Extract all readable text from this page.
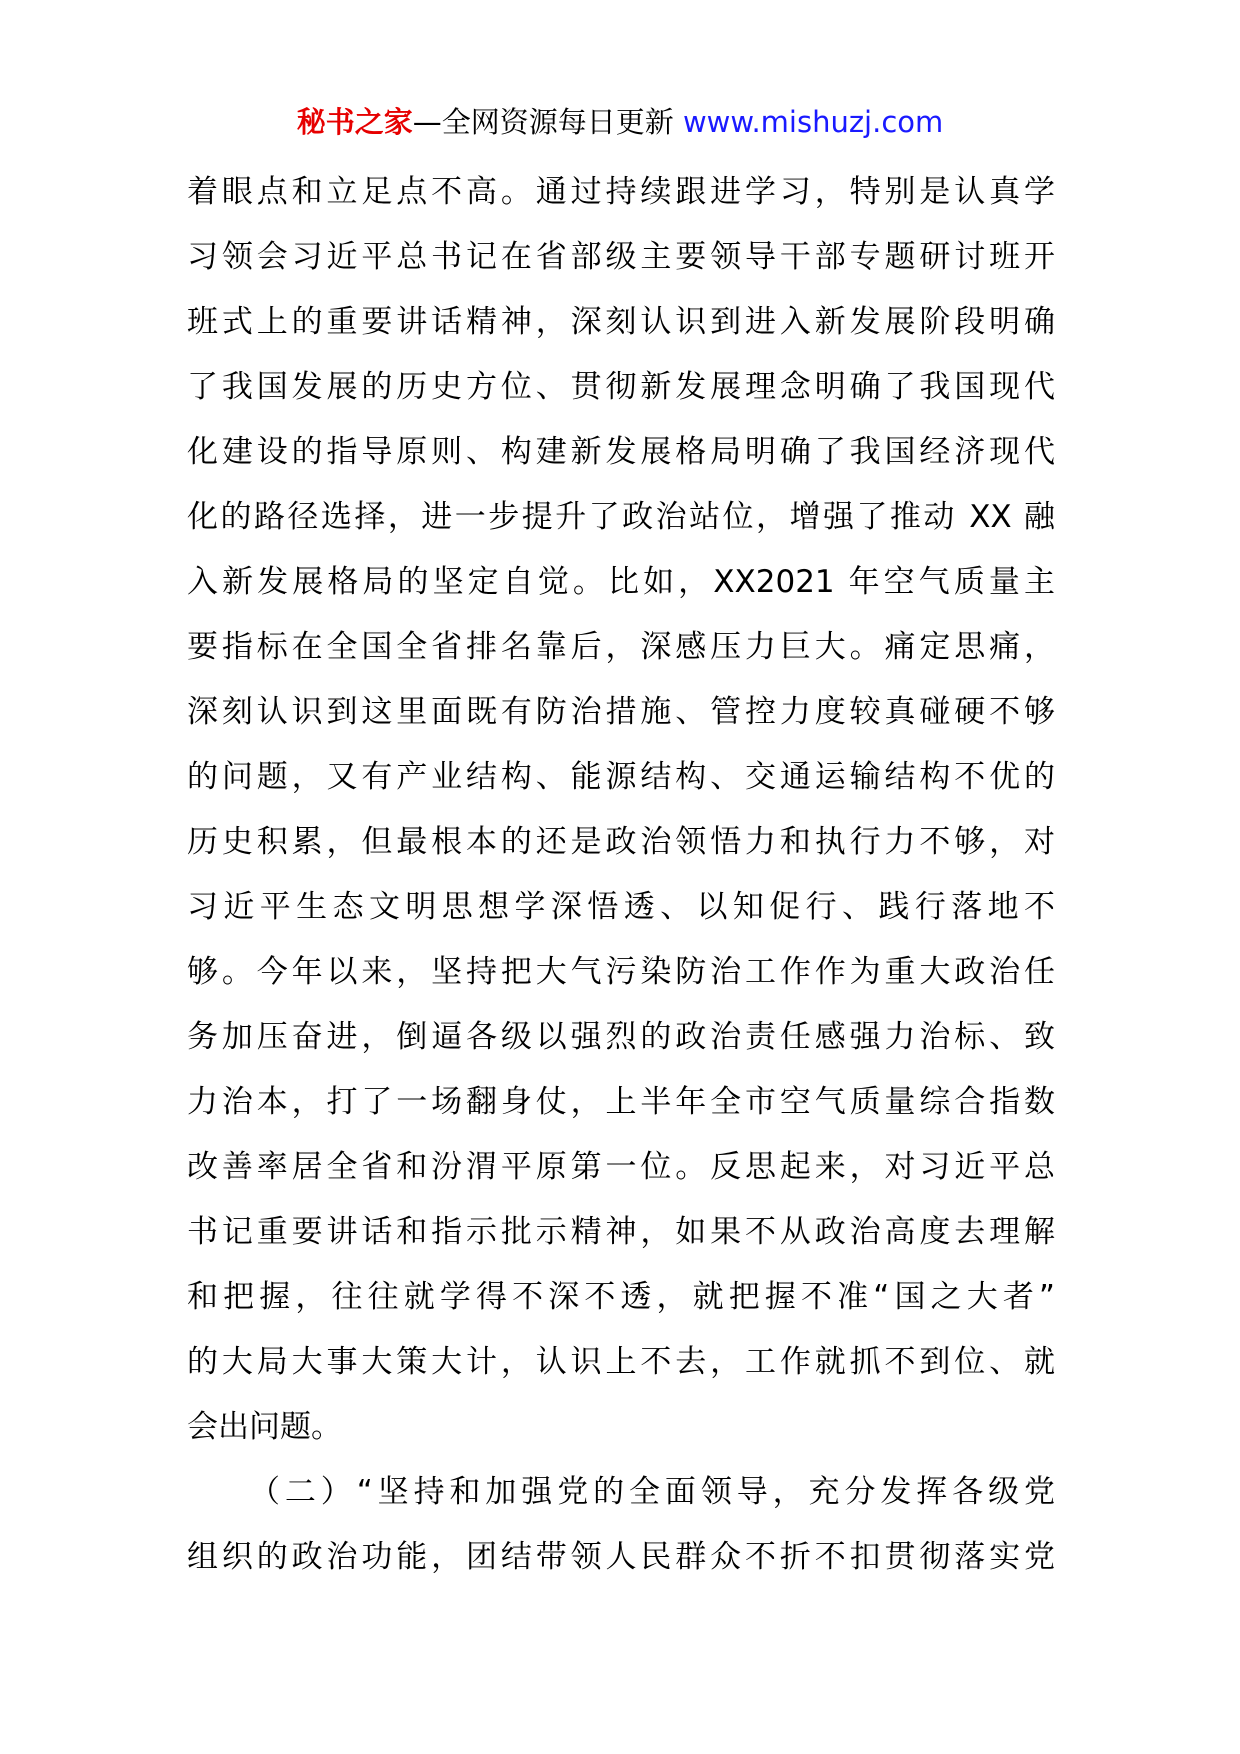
秘书之家—全网资源每日更新 www.mishuzj.com
着眼点和立足点不高。通过持续跟进学习，特别是认真学
习领会习近平总书记在省部级主要领导干部专题研讨班开
班式上的重要讲话精神，深刻认识到进入新发展阶段明确
了我国发展的历史方位、贯彻新发展理念明确了我国现代
化建设的指导原则、构建新发展格局明确了我国经济现代
化的路径选择，进一步提升了政治站位，增强了推动 XX 融
入新发展格局的坚定自觉。比如，XX2021 年空气质量主
要指标在全国全省排名靠后，深感压力巨大。痛定思痛，
深刻认识到这里面既有防治措施、管控力度较真碰硬不够
的问题，又有产业结构、能源结构、交通运输结构不优的
历史积累，但最根本的还是政治领悟力和执行力不够，对
习近平生态文明思想学深悟透、以知促行、践行落地不
够。今年以来，坚持把大气污染防治工作作为重大政治任
务加压奋进，倒逼各级以强烈的政治责任感强力治标、致
力治本，打了一场翻身仗，上半年全市空气质量综合指数
改善率居全省和汾渭平原第一位。反思起来，对习近平总
书记重要讲话和指示批示精神，如果不从政治高度去理解
和把握，往往就学得不深不透，就把握不准“国之大者”
的大局大事大策大计，认识上不去，工作就抓不到位、就
会出问题。
（二）“坚持和加强党的全面领导，充分发挥各级党
组织的政治功能，团结带领人民群众不折不扣贯彻落实党
